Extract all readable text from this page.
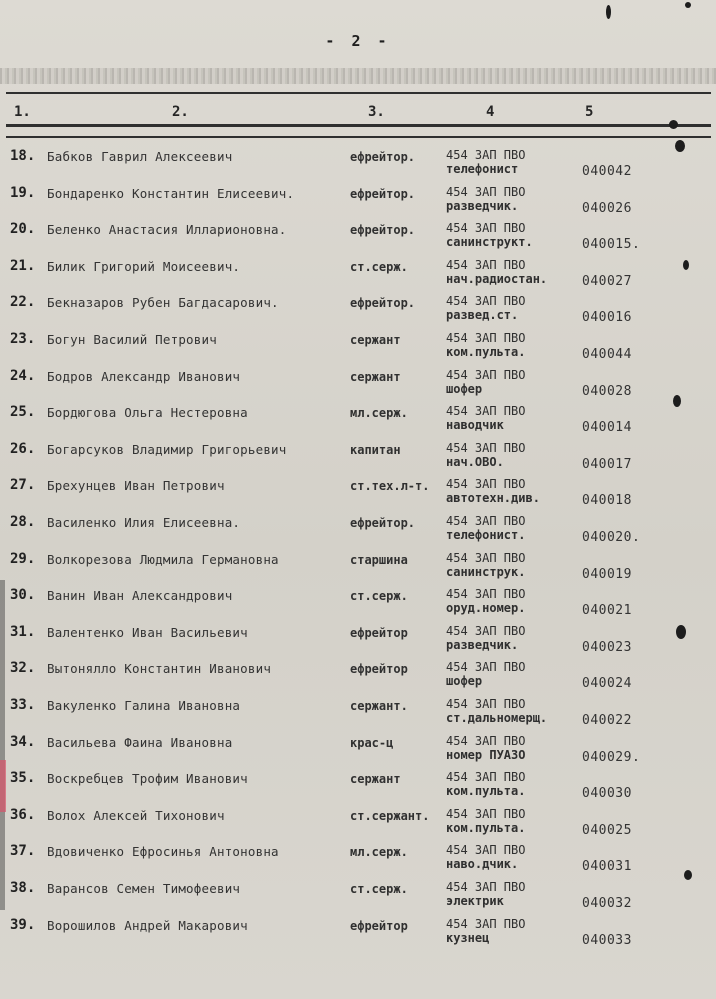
- 2 -
1.	2.	3.	4	5
18. Бабков Гаврил Алексеевич	ефрейтор.	454 ЗАП ПВО
телефонист	040042
19. Бондаренко Константин Елисеевич.	ефрейтор.	454 ЗАП ПВО
разведчик.	040026
20. Беленко Анастасия Илларионовна.	ефрейтор.	454 ЗАП ПВО
санинструкт.	040015.
21. Билик Григорий Моисеевич.	ст.серж.	454 ЗАП ПВО
нач.радиостан.	040027
22. Бекназаров Рубен Багдасарович.	ефрейтор.	454 ЗАП ПВО
развед.ст.	040016
23. Богун Василий Петрович	сержант	454 ЗАП ПВО
ком.пульта.	040044
24. Бодров Александр Иванович	сержант	454 ЗАП ПВО
шофер	040028
25. Бордюгова Ольга Нестеровна	мл.серж.	454 ЗАП ПВО
наводчик	040014
26. Богарсуков Владимир Григорьевич	капитан	454 ЗАП ПВО
нач.ОВО.	040017
27. Брехунцев Иван Петрович	ст.тех.л-т. 454 ЗАП ПВО
автотехн.див.	040018
28. Василенко Илия Елисеевна.	ефрейтор.	454 ЗАП ПВО
телефонист.	040020.
29. Волкорезова Людмила Германовна	старшина	454 ЗАП ПВО
санинструк.	040019
30. Ванин Иван Александрович	ст.серж.	454 ЗАП ПВО
оруд.номер.	040021
31. Валентенко Иван Васильевич	ефрейтор	454 ЗАП ПВО
разведчик.	040023
32. Вытонялло Константин Иванович	ефрейтор	454 ЗАП ПВО
шофер	040024
33. Вакуленко Галина Ивановна	сержант.	454 ЗАП ПВО
ст.дальномерщ.	040022
34. Васильева Фаина Ивановна	крас-ц	454 ЗАП ПВО
номер ПУАЗО	040029.
35. Воскребцев Трофим Иванович	сержант	454 ЗАП ПВО
ком.пульта.	040030
36. Волох Алексей Тихонович	ст.сержант. 454 ЗАП ПВО
ком.пульта.	040025
37. Вдовиченко Ефросинья Антоновна	мл.серж.	454 ЗАП ПВО
наво.дчик.	040031
38. Варансов Семен Тимофеевич	ст.серж.	454 ЗАП ПВО
электрик	040032
39. Ворошилов Андрей Макарович	ефрейтор	454 ЗАП ПВО
кузнец	040033
